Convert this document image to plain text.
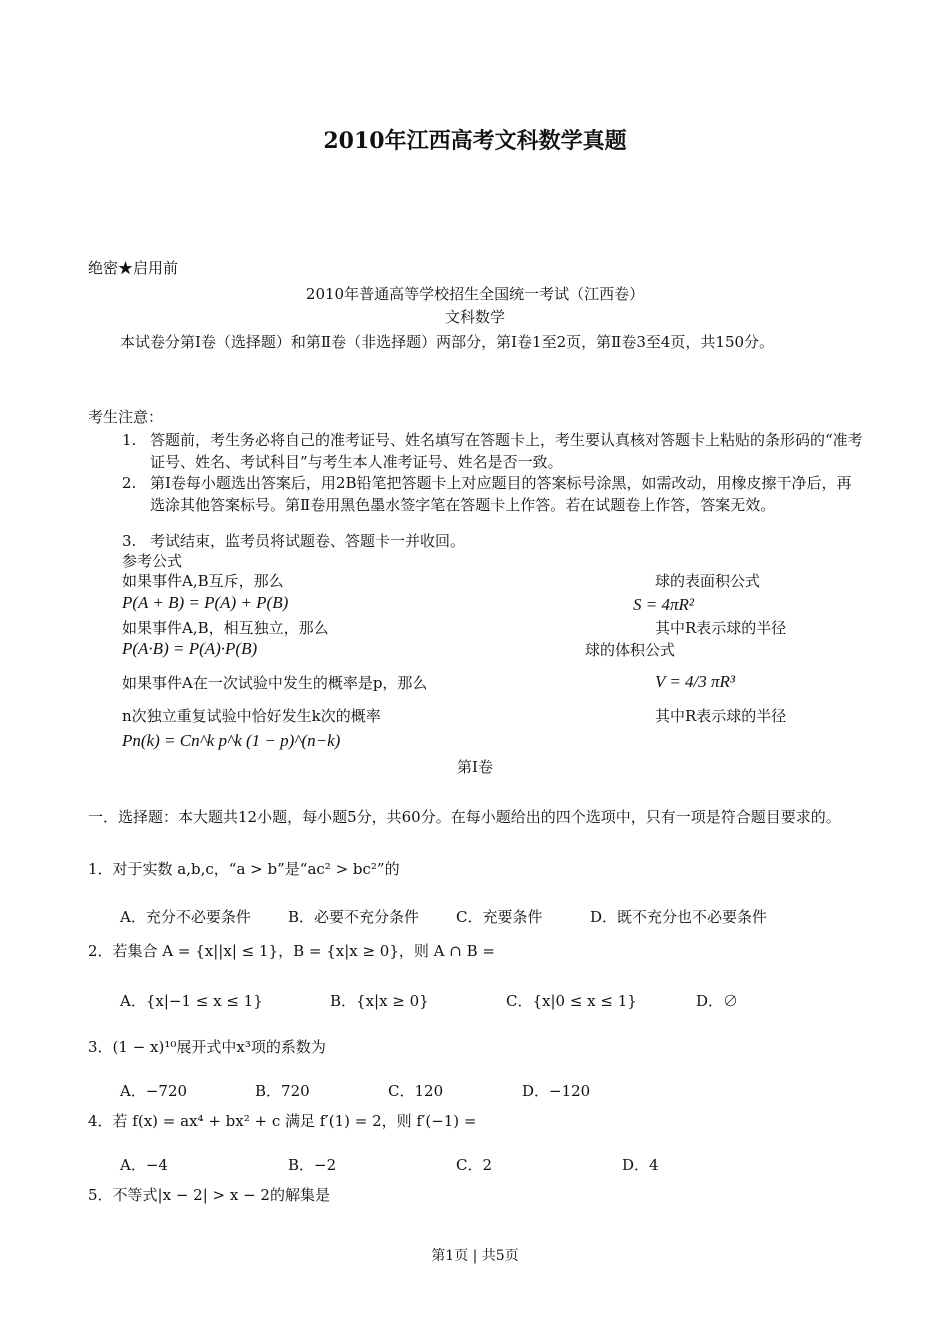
2010年江西高考文科数学真题
绝密★启用前
2010年普通高等学校招生全国统一考试（江西卷）
文科数学
本试卷分第Ⅰ卷（选择题）和第Ⅱ卷（非选择题）两部分，第Ⅰ卷1至2页，第Ⅱ卷3至4页，共150分。
考生注意：
1. 答题前，考生务必将自己的准考证号、姓名填写在答题卡上，考生要认真核对答题卡上粘贴的条形码的“准考证号、姓名、考试科目”与考生本人准考证号、姓名是否一致。
2. 第Ⅰ卷每小题选出答案后，用2B铅笔把答题卡上对应题目的答案标号涂黑，如需改动，用橡皮擦干净后，再选涂其他答案标号。第Ⅱ卷用黑色墨水签字笔在答题卡上作答。若在试题卷上作答，答案无效。
3. 考试结束，监考员将试题卷、答题卡一并收回。
参考公式
如果事件A,B互斥，那么
P(A + B) = P(A) + P(B)
如果事件A,B，相互独立，那么
P(A·B) = P(A)·P(B)
如果事件A在一次试验中发生的概率是p，那么
n次独立重复试验中恰好发生k次的概率
Pn(k) = Cn^k p^k (1 − p)^(n−k)
球的表面积公式
S = 4πR²
其中R表示球的半径
球的体积公式
V = 4/3 πR³
其中R表示球的半径
第Ⅰ卷
一．选择题：本大题共12小题，每小题5分，共60分。在每小题给出的四个选项中，只有一项是符合题目要求的。
1．对于实数 a,b,c，“a > b”是“ac² > bc²”的
A．充分不必要条件 B．必要不充分条件 C．充要条件	D．既不充分也不必要条件
2．若集合 A = {x||x| ≤ 1}，B = {x|x ≥ 0}，则 A ∩ B =
A．{x|−1 ≤ x ≤ 1}	B．{x|x ≥ 0}	C．{x|0 ≤ x ≤ 1}	D．∅
3．(1 − x)¹⁰展开式中x³项的系数为
A．−720	B．720	C．120	D．−120
4．若 f(x) = ax⁴ + bx² + c 满足 f′(1) = 2，则 f′(−1) =
A．−4	B．−2	C．2	D．4
5．不等式|x − 2| > x − 2的解集是
第1页 | 共5页
